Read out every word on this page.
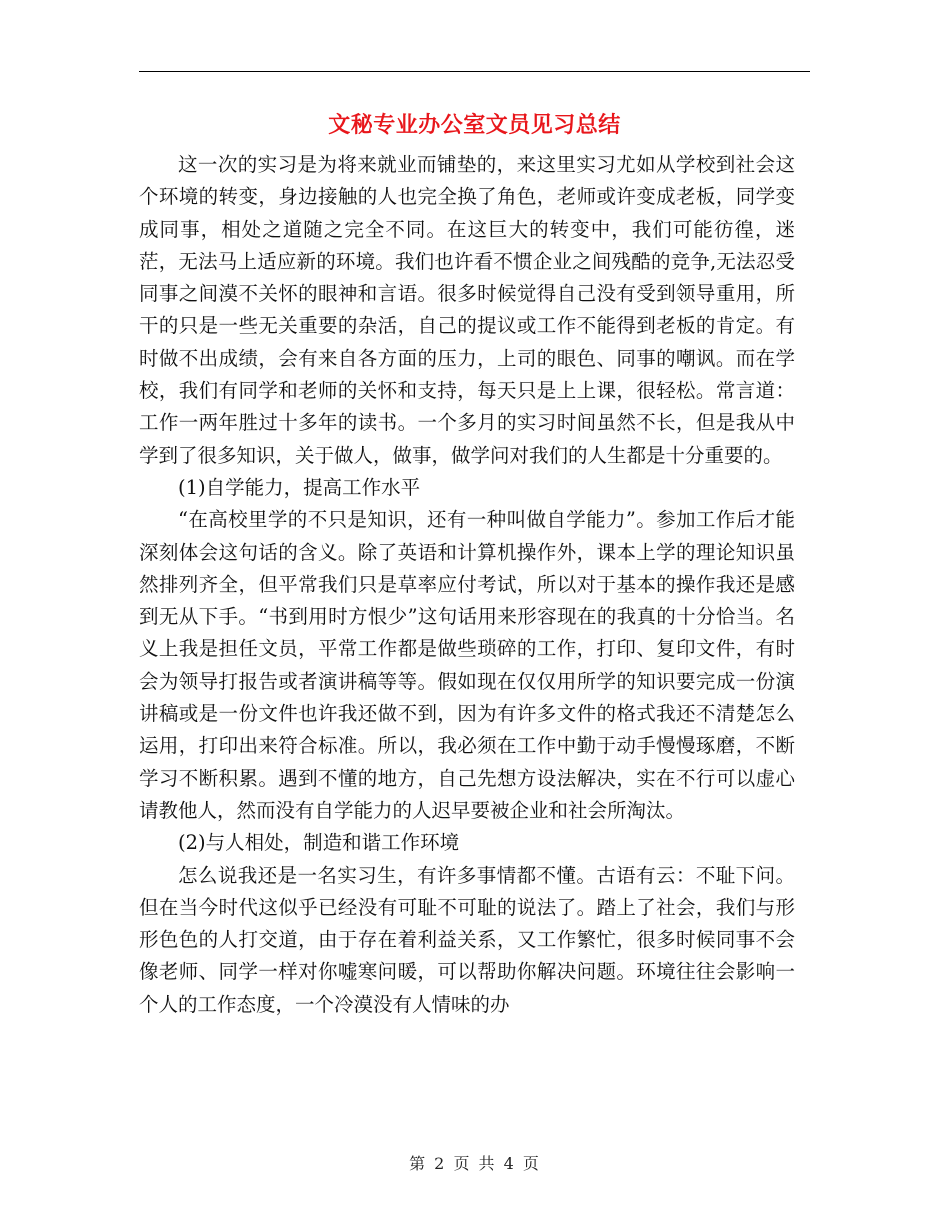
文秘专业办公室文员见习总结

这一次的实习是为将来就业而铺垫的，来这里实习尤如从学校到社会这个环境的转变，身边接触的人也完全换了角色，老师或许变成老板，同学变成同事，相处之道随之完全不同。在这巨大的转变中，我们可能彷徨，迷茫，无法马上适应新的环境。我们也许看不惯企业之间残酷的竞争,无法忍受同事之间漠不关怀的眼神和言语。很多时候觉得自己没有受到领导重用，所干的只是一些无关重要的杂活，自己的提议或工作不能得到老板的肯定。有时做不出成绩，会有来自各方面的压力，上司的眼色、同事的嘲讽。而在学校，我们有同学和老师的关怀和支持，每天只是上上课，很轻松。常言道：工作一两年胜过十多年的读书。一个多月的实习时间虽然不长，但是我从中学到了很多知识，关于做人，做事，做学问对我们的人生都是十分重要的。

(1)自学能力，提高工作水平

“在高校里学的不只是知识，还有一种叫做自学能力”。参加工作后才能深刻体会这句话的含义。除了英语和计算机操作外，课本上学的理论知识虽然排列齐全，但平常我们只是草率应付考试，所以对于基本的操作我还是感到无从下手。“书到用时方恨少”这句话用来形容现在的我真的十分恰当。名义上我是担任文员，平常工作都是做些琐碎的工作，打印、复印文件，有时会为领导打报告或者演讲稿等等。假如现在仅仅用所学的知识要完成一份演讲稿或是一份文件也许我还做不到，因为有许多文件的格式我还不清楚怎么运用，打印出来符合标准。所以，我必须在工作中勤于动手慢慢琢磨，不断学习不断积累。遇到不懂的地方，自己先想方设法解决，实在不行可以虚心请教他人，然而没有自学能力的人迟早要被企业和社会所淘汰。

(2)与人相处，制造和谐工作环境

怎么说我还是一名实习生，有许多事情都不懂。古语有云：不耻下问。但在当今时代这似乎已经没有可耻不可耻的说法了。踏上了社会，我们与形形色色的人打交道，由于存在着利益关系，又工作繁忙，很多时候同事不会像老师、同学一样对你嘘寒问暖，可以帮助你解决问题。环境往往会影响一个人的工作态度，一个冷漠没有人情味的办

第 2 页 共 4 页
